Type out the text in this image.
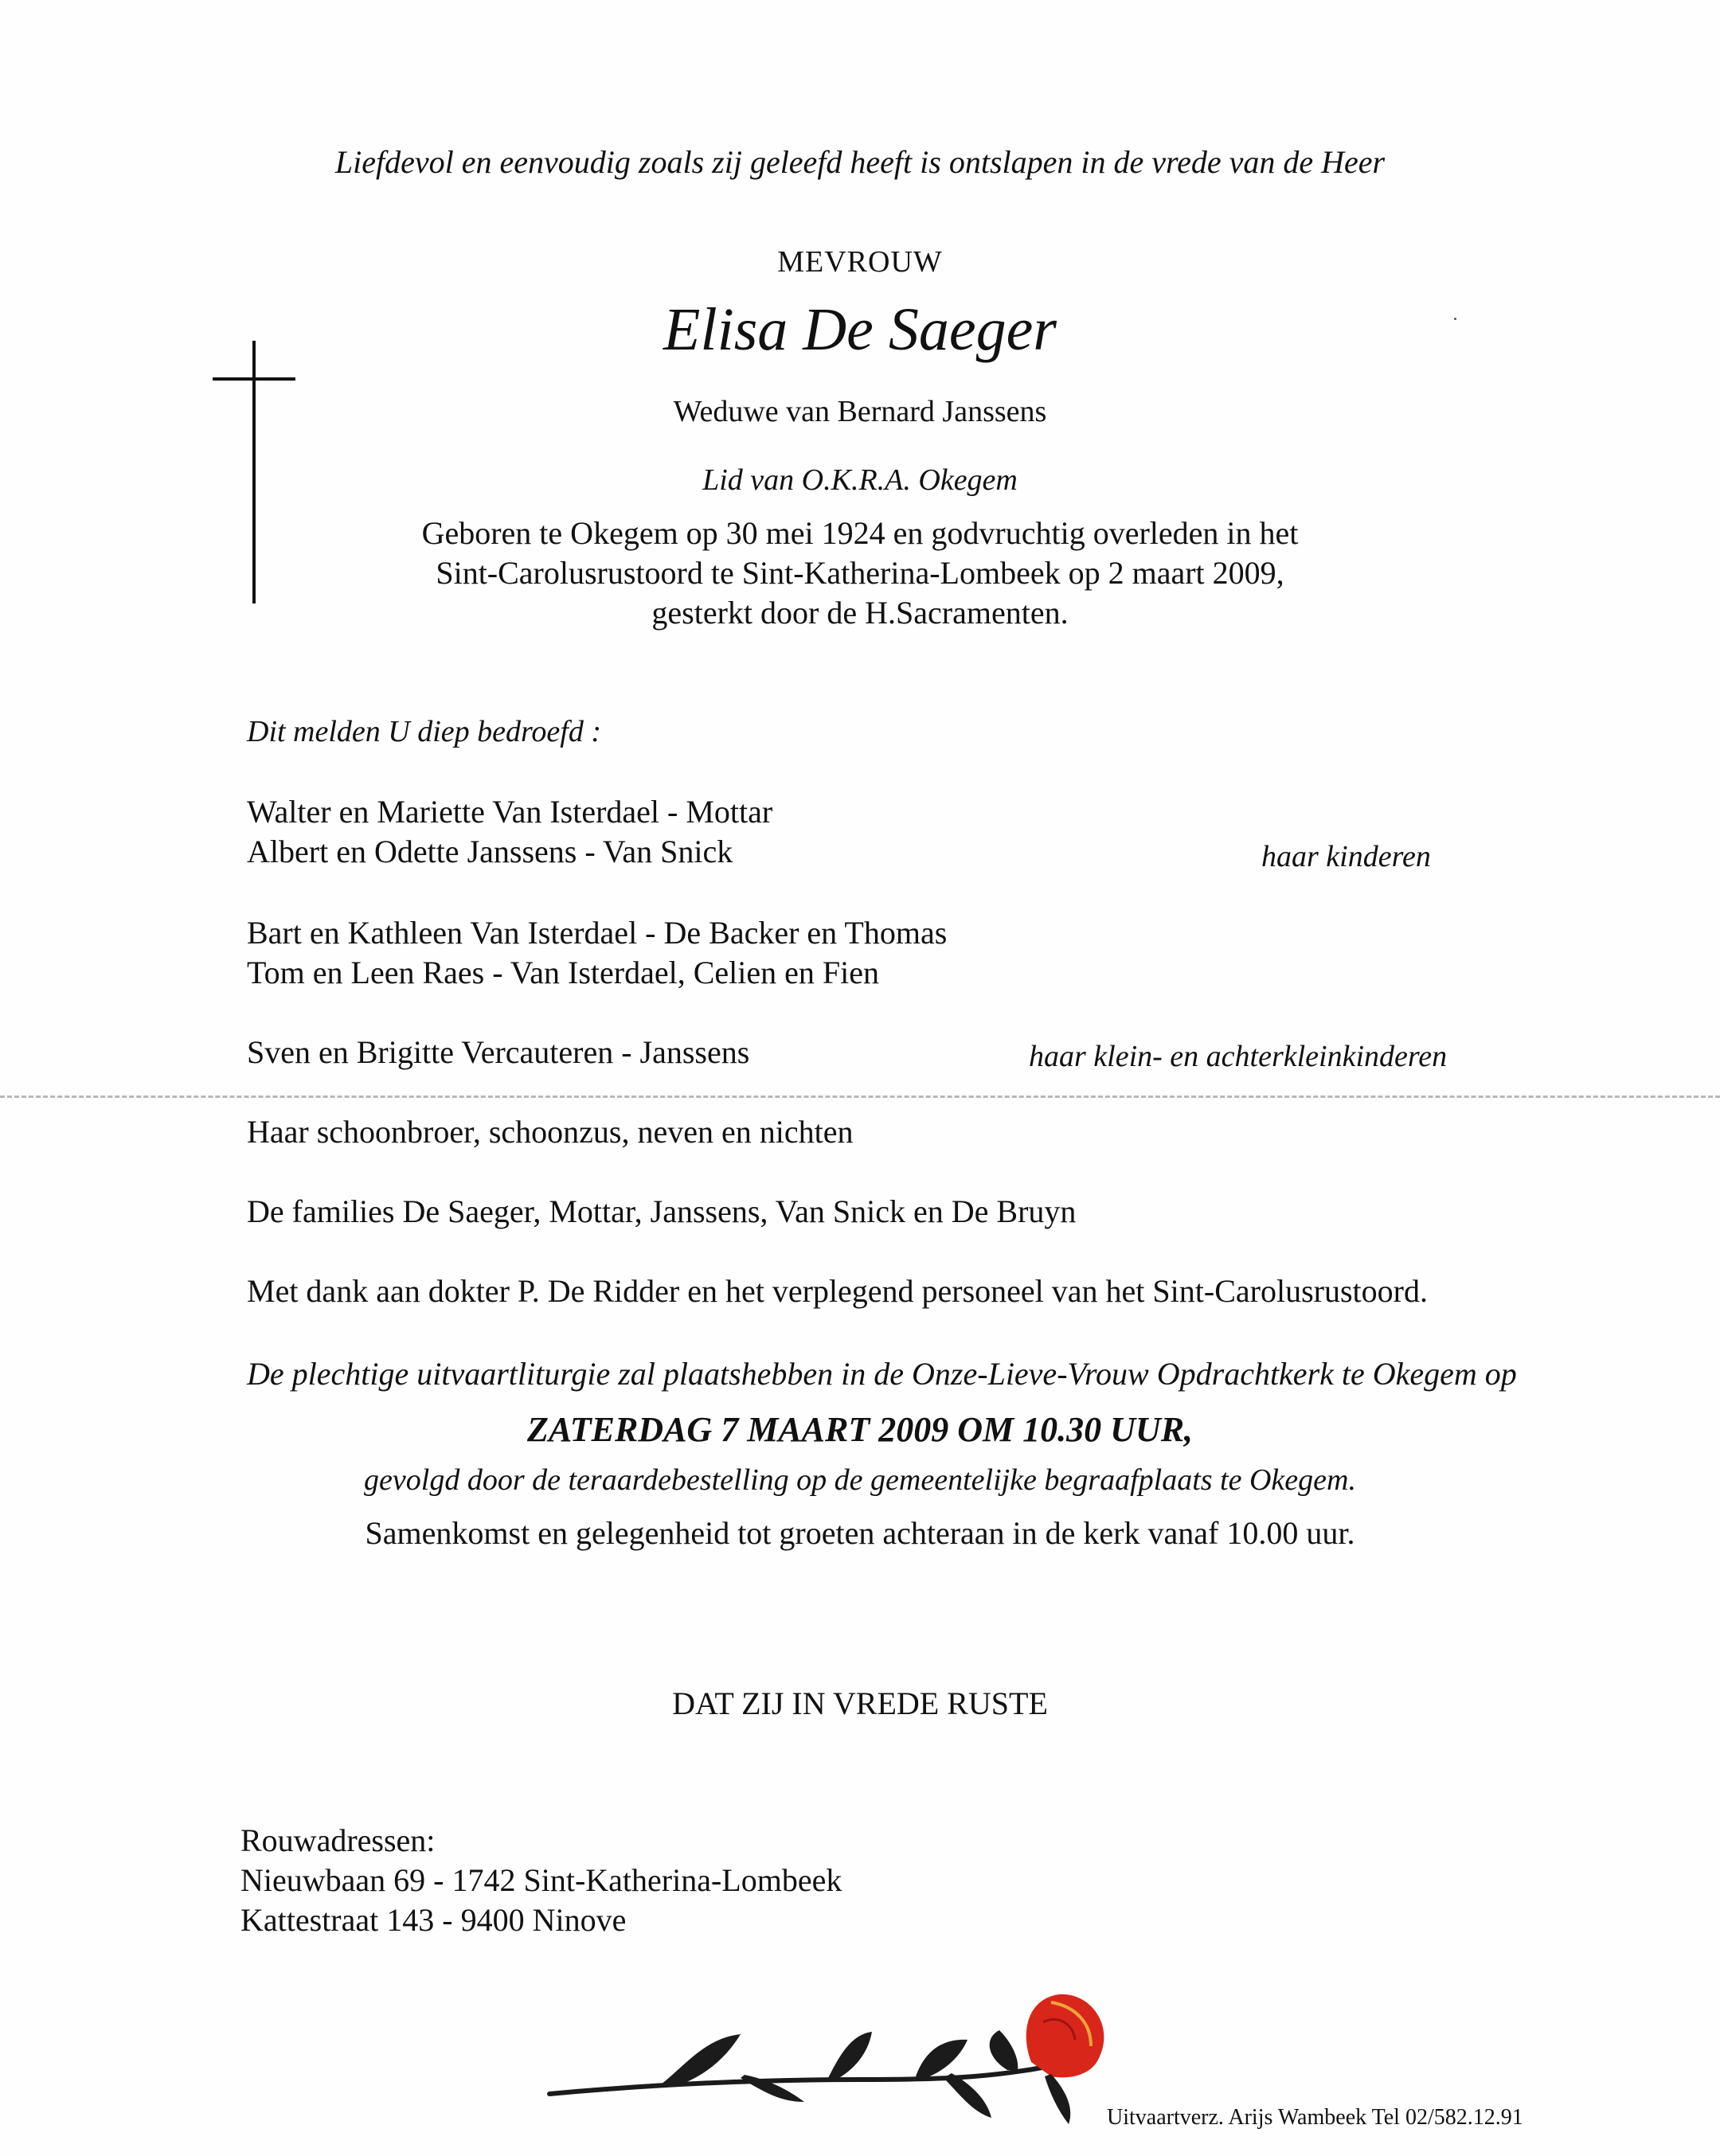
Liefdevol en eenvoudig zoals zij geleefd heeft is ontslapen in de vrede van de Heer
MEVROUW
Elisa De Saeger
Weduwe van Bernard Janssens
Lid van O.K.R.A. Okegem
Geboren te Okegem op 30 mei 1924 en godvruchtig overleden in het
Sint-Carolusrustoord te Sint-Katherina-Lombeek op 2 maart 2009,
gesterkt door de H.Sacramenten.
Dit melden U diep bedroefd :
Walter en Mariette Van Isterdael - Mottar
Albert en Odette Janssens - Van Snick	haar kinderen
Bart en Kathleen Van Isterdael - De Backer en Thomas
Tom en Leen Raes - Van Isterdael, Celien en Fien
Sven en Brigitte Vercauteren - Janssens	haar klein- en achterkleinkinderen
Haar schoonbroer, schoonzus, neven en nichten
De families De Saeger, Mottar, Janssens, Van Snick en De Bruyn
Met dank aan dokter P. De Ridder en het verplegend personeel van het Sint-Carolusrustoord.
De plechtige uitvaartliturgie zal plaatshebben in de Onze-Lieve-Vrouw Opdrachtkerk te Okegem op
ZATERDAG 7 MAART 2009 OM 10.30 UUR,
gevolgd door de teraardebestelling op de gemeentelijke begraafplaats te Okegem.
Samenkomst en gelegenheid tot groeten achteraan in de kerk vanaf 10.00 uur.
DAT ZIJ IN VREDE RUSTE
Rouwadressen:
Nieuwbaan 69 - 1742 Sint-Katherina-Lombeek
Kattestraat 143 - 9400 Ninove
Uitvaartverz. Arijs Wambeek Tel 02/582.12.91
